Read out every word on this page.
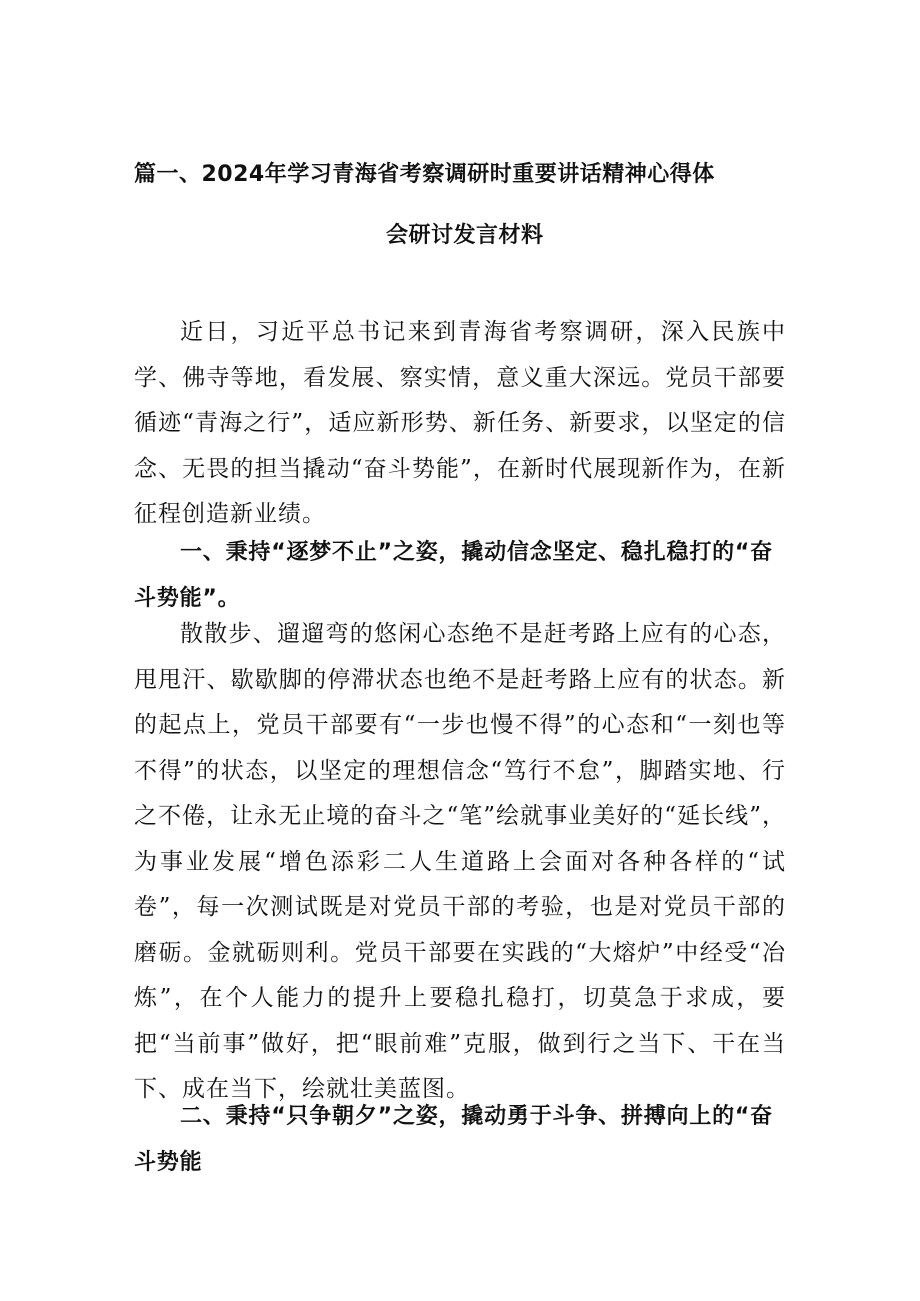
篇一、2024年学习青海省考察调研时重要讲话精神心得体
会研讨发言材料

近日，习近平总书记来到青海省考察调研，深入民族中学、佛寺等地，看发展、察实情，意义重大深远。党员干部要循迹“青海之行”，适应新形势、新任务、新要求，以坚定的信念、无畏的担当撬动“奋斗势能”，在新时代展现新作为，在新征程创造新业绩。

一、秉持“逐梦不止”之姿，撬动信念坚定、稳扎稳打的“奋斗势能”。

散散步、遛遛弯的悠闲心态绝不是赶考路上应有的心态，甩甩汗、歇歇脚的停滞状态也绝不是赶考路上应有的状态。新的起点上，党员干部要有“一步也慢不得”的心态和“一刻也等不得”的状态，以坚定的理想信念“笃行不怠”，脚踏实地、行之不倦，让永无止境的奋斗之“笔”绘就事业美好的“延长线”，为事业发展“增色添彩二人生道路上会面对各种各样的“试卷”，每一次测试既是对党员干部的考验，也是对党员干部的磨砺。金就砺则利。党员干部要在实践的“大熔炉”中经受“冶炼”，在个人能力的提升上要稳扎稳打，切莫急于求成，要把“当前事”做好，把“眼前难”克服，做到行之当下、干在当下、成在当下，绘就壮美蓝图。

二、秉持“只争朝夕”之姿，撬动勇于斗争、拼搏向上的“奋斗势能
